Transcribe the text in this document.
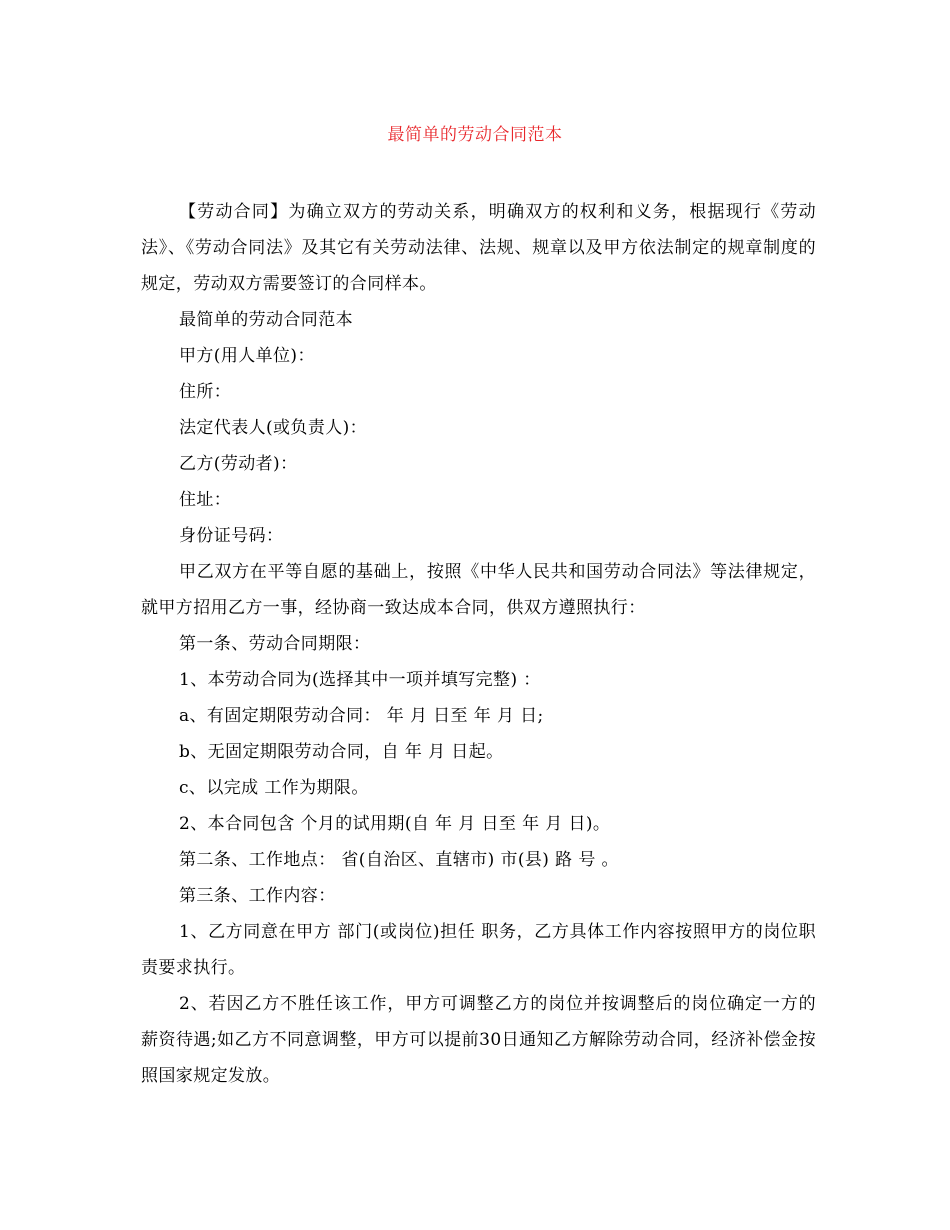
最简单的劳动合同范本

【劳动合同】为确立双方的劳动关系，明确双方的权利和义务，根据现行《劳动法》、《劳动合同法》及其它有关劳动法律、法规、规章以及甲方依法制定的规章制度的规定，劳动双方需要签订的合同样本。

最简单的劳动合同范本

甲方(用人单位)：

住所：

法定代表人(或负责人)：

乙方(劳动者)：

住址：

身份证号码：

甲乙双方在平等自愿的基础上，按照《中华人民共和国劳动合同法》等法律规定，就甲方招用乙方一事，经协商一致达成本合同，供双方遵照执行：

第一条、劳动合同期限：

1、本劳动合同为(选择其中一项并填写完整) ：

a、有固定期限劳动合同： 年 月 日至 年 月 日;

b、无固定期限劳动合同，自 年 月 日起。

c、以完成 工作为期限。

2、本合同包含 个月的试用期(自 年 月 日至 年 月 日)。

第二条、工作地点： 省(自治区、直辖市) 市(县) 路 号 。

第三条、工作内容：

1、乙方同意在甲方 部门(或岗位)担任 职务，乙方具体工作内容按照甲方的岗位职责要求执行。

2、若因乙方不胜任该工作，甲方可调整乙方的岗位并按调整后的岗位确定一方的薪资待遇;如乙方不同意调整，甲方可以提前30日通知乙方解除劳动合同，经济补偿金按照国家规定发放。
